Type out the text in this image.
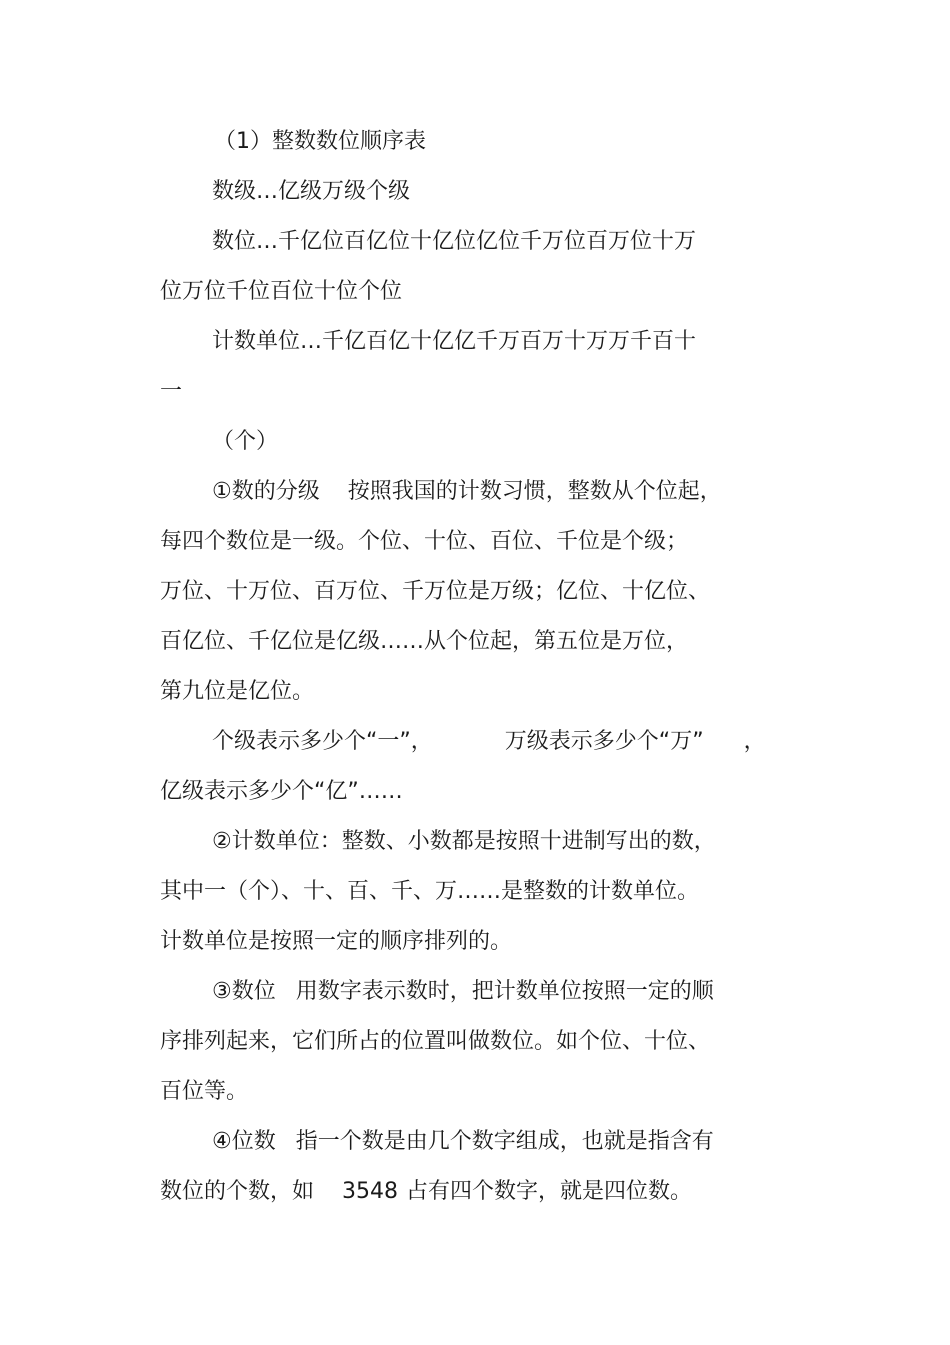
（1）整数数位顺序表

数级…亿级万级个级

数位…千亿位百亿位十亿位亿位千万位百万位十万

位万位千位百位十位个位

计数单位…千亿百亿十亿亿千万百万十万万千百十

一

（个）

①数的分级 按照我国的计数习惯，整数从个位起，

每四个数位是一级。个位、十位、百位、千位是个级；

万位、十万位、百万位、千万位是万级；亿位、十亿位、

百亿位、千亿位是亿级……从个位起，第五位是万位，

第九位是亿位。

个级表示多少个“一”，	万级表示多少个“万” ，

亿级表示多少个“亿”……

②计数单位：整数、小数都是按照十进制写出的数，

其中一（个）、十、百、千、万……是整数的计数单位。

计数单位是按照一定的顺序排列的。

③数位 用数字表示数时，把计数单位按照一定的顺

序排列起来，它们所占的位置叫做数位。如个位、十位、

百位等。

④位数 指一个数是由几个数字组成，也就是指含有

数位的个数，如 3548 占有四个数字，就是四位数。
